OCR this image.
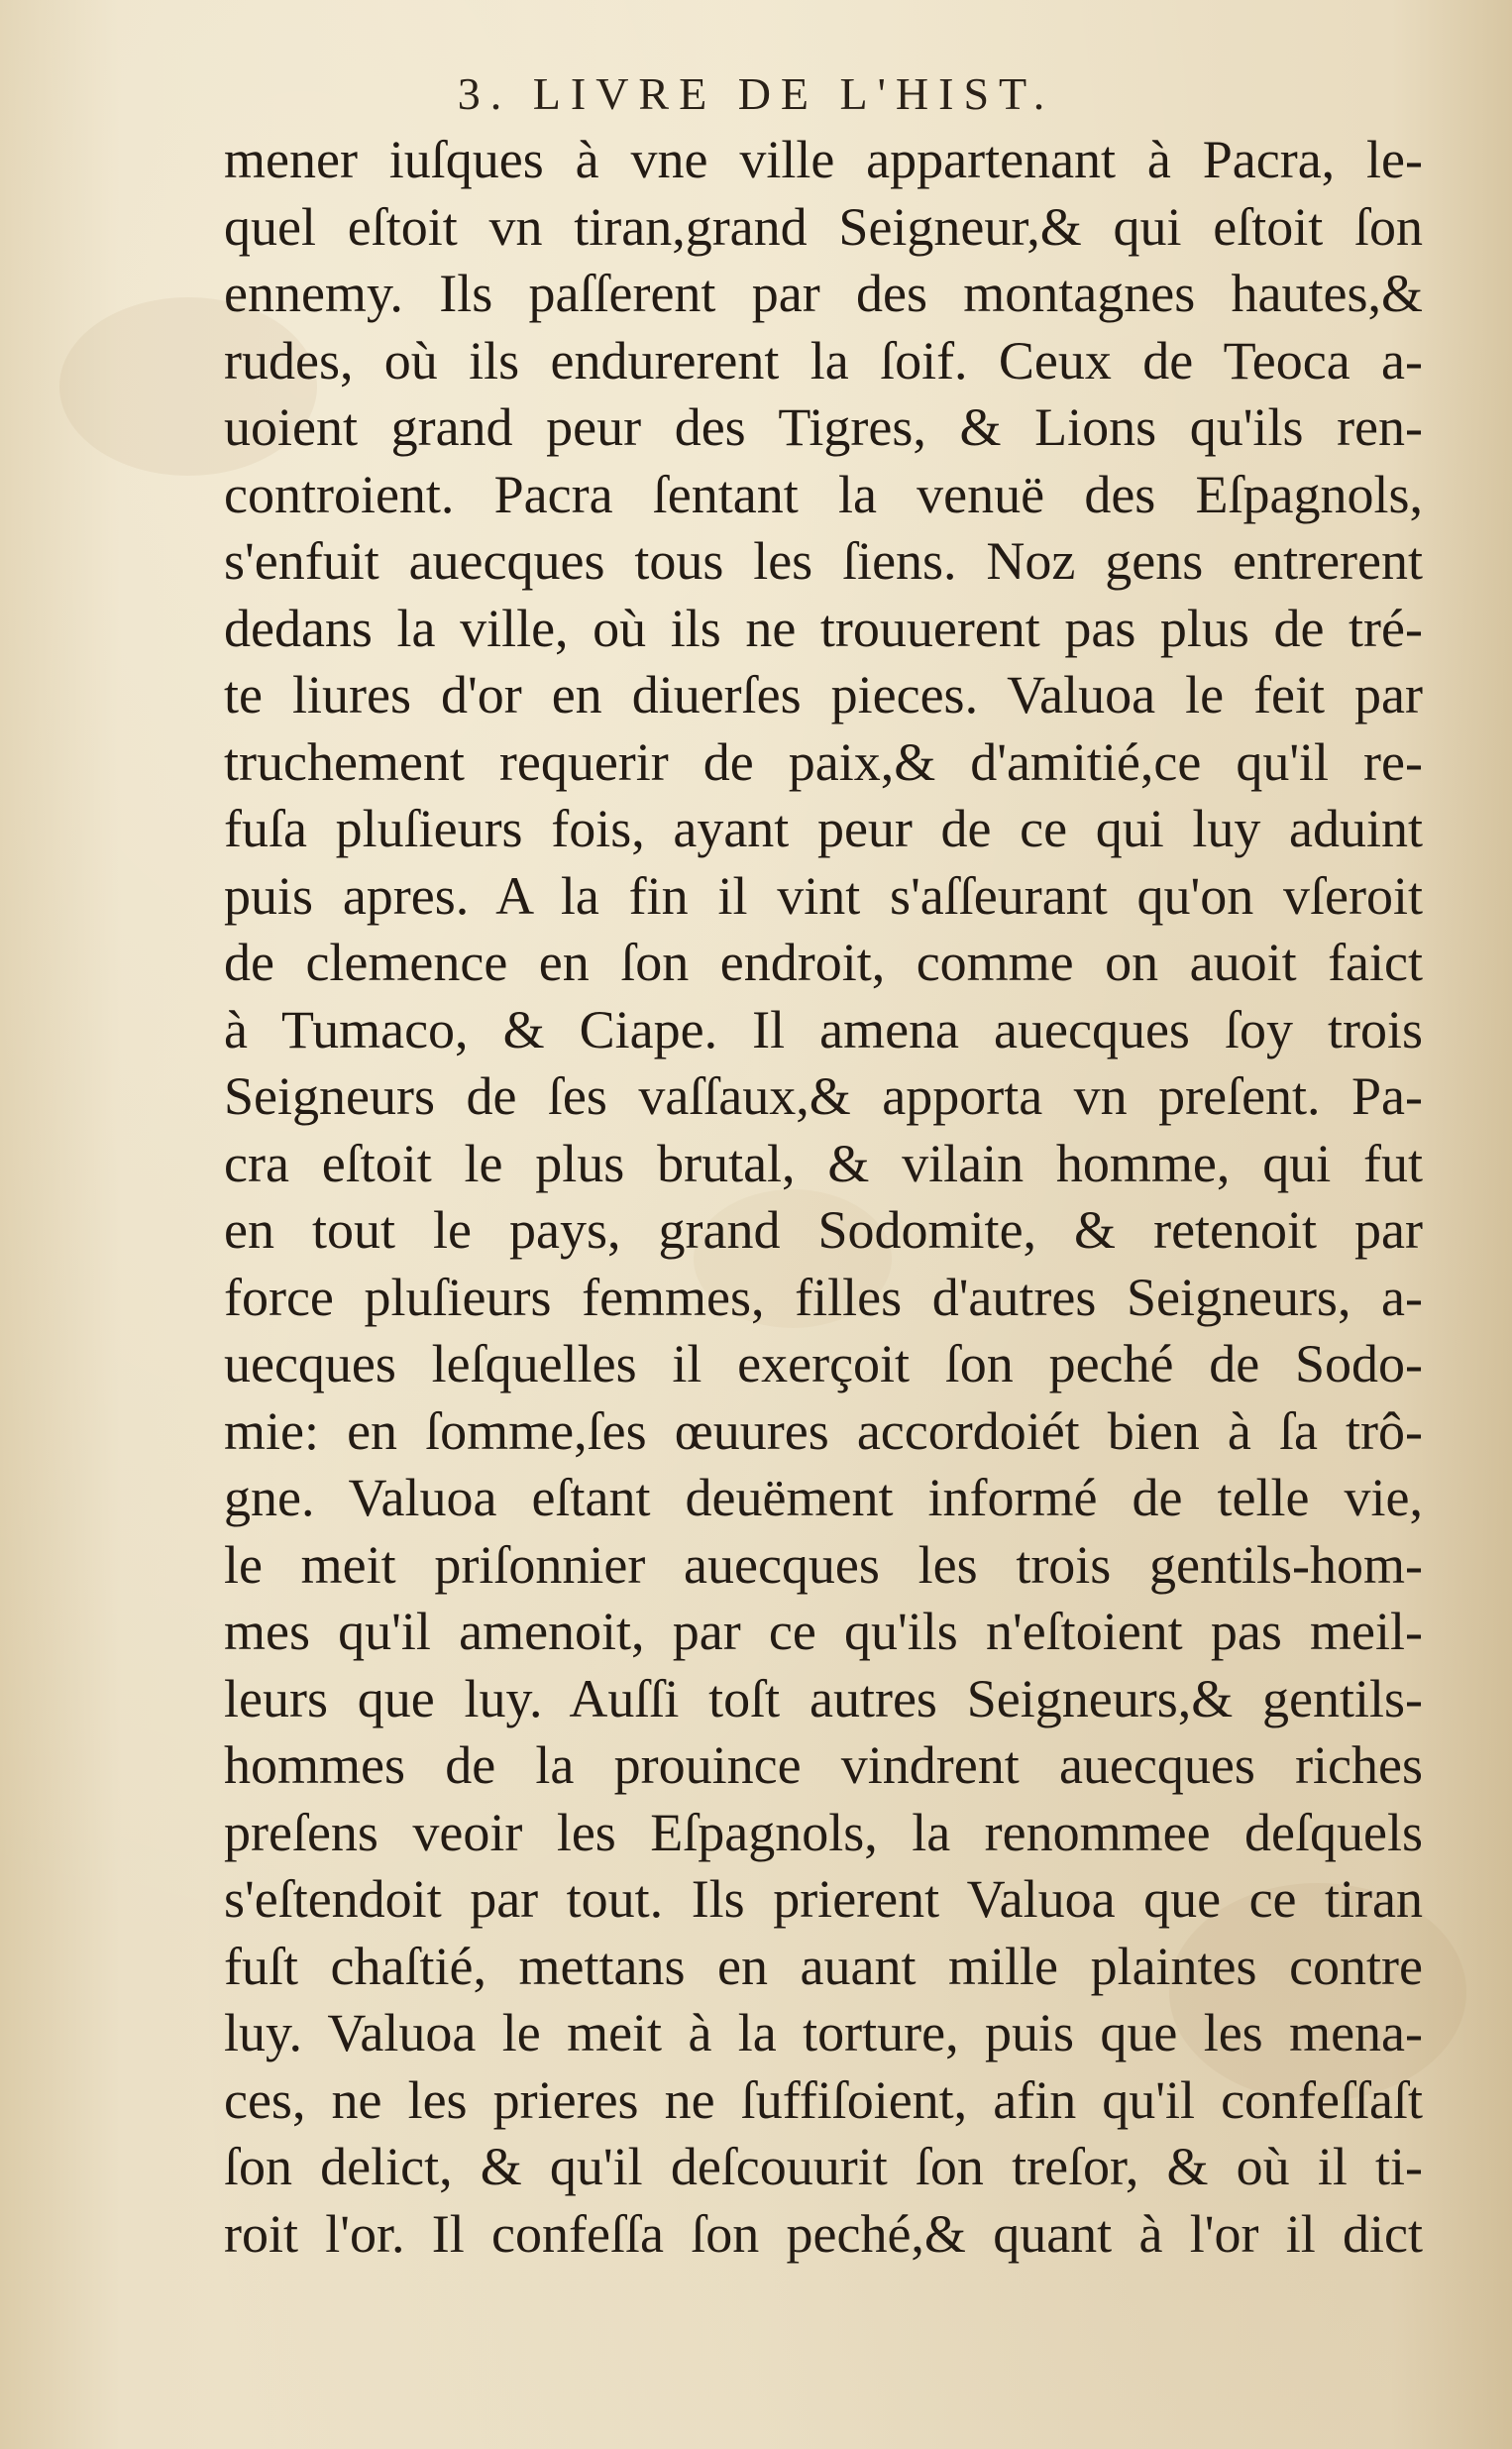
3. LIVRE DE L'HIST.
mener iuſques à vne ville appartenant à Pacra, le-
quel eſtoit vn tiran,grand Seigneur,& qui eſtoit ſon
ennemy. Ils paſſerent par des montagnes hautes,&
rudes, où ils endurerent la ſoif. Ceux de Teoca a-
uoient grand peur des Tigres, & Lions qu'ils ren-
controient. Pacra ſentant la venuë des Eſpagnols,
s'enfuit auecques tous les ſiens. Noz gens entrerent
dedans la ville, où ils ne trouuerent pas plus de tré-
te liures d'or en diuerſes pieces. Valuoa le feit par
truchement requerir de paix,& d'amitié,ce qu'il re-
fuſa pluſieurs fois, ayant peur de ce qui luy aduint
puis apres. A la fin il vint s'aſſeurant qu'on vſeroit
de clemence en ſon endroit, comme on auoit faict
à Tumaco, & Ciape. Il amena auecques ſoy trois
Seigneurs de ſes vaſſaux,& apporta vn preſent. Pa-
cra eſtoit le plus brutal, & vilain homme, qui fut
en tout le pays, grand Sodomite, & retenoit par
force pluſieurs femmes, filles d'autres Seigneurs, a-
uecques leſquelles il exerçoit ſon peché de Sodo-
mie: en ſomme,ſes œuures accordoiét bien à ſa trô-
gne. Valuoa eſtant deuëment informé de telle vie,
le meit priſonnier auecques les trois gentils-hom-
mes qu'il amenoit, par ce qu'ils n'eſtoient pas meil-
leurs que luy. Auſſi toſt autres Seigneurs,& gentils-
hommes de la prouince vindrent auecques riches
preſens veoir les Eſpagnols, la renommee deſquels
s'eſtendoit par tout. Ils prierent Valuoa que ce tiran
fuſt chaſtié, mettans en auant mille plaintes contre
luy. Valuoa le meit à la torture, puis que les mena-
ces, ne les prieres ne ſuffiſoient, afin qu'il confeſſaſt
ſon delict, & qu'il deſcouurit ſon treſor, & où il ti-
roit l'or. Il confeſſa ſon peché,& quant à l'or il dict
